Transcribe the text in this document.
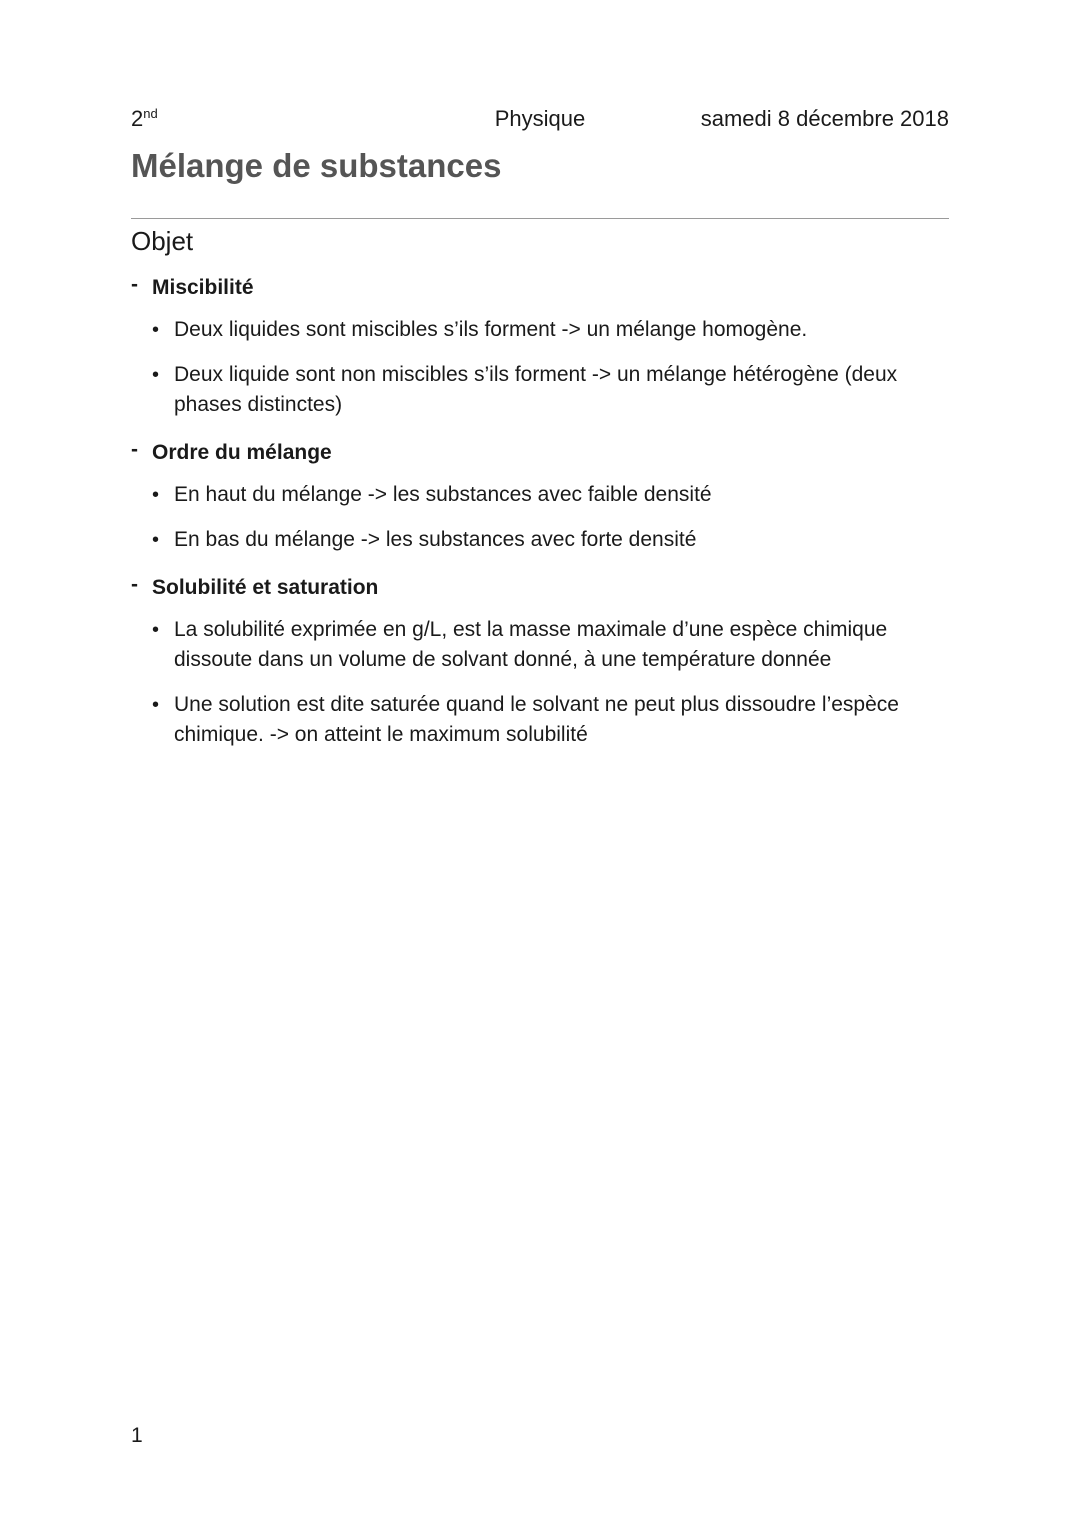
2nd	Physique	samedi 8 décembre 2018
Mélange de substances
Objet
- Miscibilité
• Deux liquides sont miscibles s’ils forment -> un mélange homogène.
• Deux liquide sont non miscibles s’ils forment -> un mélange hétérogène (deux phases distinctes)
- Ordre du mélange
• En haut du mélange -> les substances avec faible densité
• En bas du mélange -> les substances avec forte densité
- Solubilité et saturation
• La solubilité exprimée en g/L, est la masse maximale d’une espèce chimique dissoute dans un volume de solvant donné, à une température donnée
• Une solution est dite saturée quand le solvant ne peut plus dissoudre l’espèce chimique. -> on atteint le maximum solubilité
1
